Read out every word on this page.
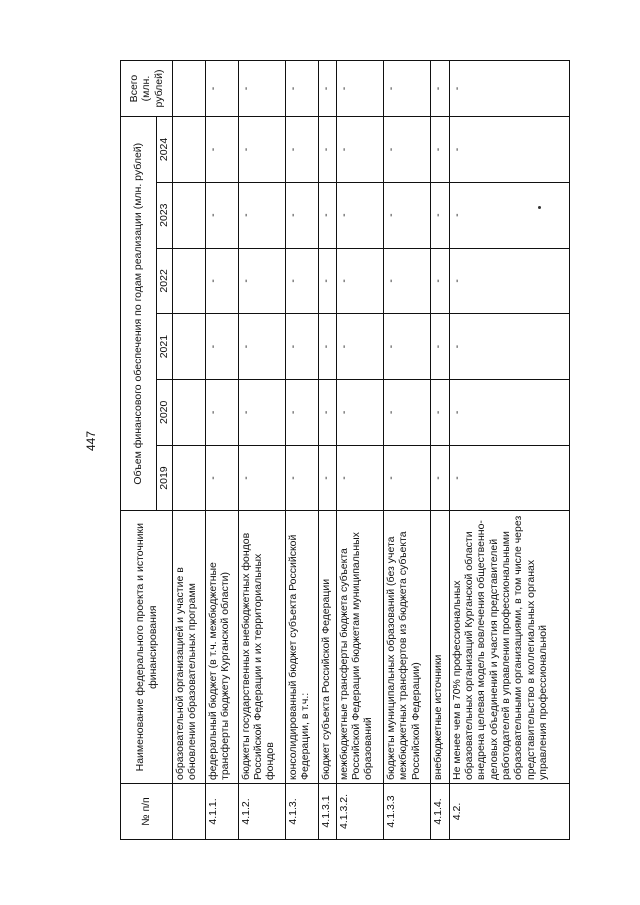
447
№ п/п	Наименование федерального проекта и источники финансирования	Объем финансового обеспечения по годам реализации (млн. рублей)						Всего (млн. рублей)
		2019	2020	2021	2022	2023	2024	
	образовательной организацией и участие в обновлении образовательных программ							
4.1.1.	федеральный бюджет (в т.ч. межбюджетные трансферты бюджету Курганской области)	-	-	-	-	-	-	-
4.1.2.	бюджеты государственных внебюджетных фондов Российской Федерации и их территориальных фондов	-	-	-	-	-	-	-
4.1.3.	консолидированный бюджет субъекта Российской Федерации, в т.ч.:	-	-	-	-	-	-	-
4.1.3.1	бюджет субъекта Российской Федерации	-	-	-	-	-	-	-
4.1.3.2.	межбюджетные трансферты бюджета субъекта Российской Федерации бюджетам муниципальных образований	-	-	-	-	-	-	-
4.1.3.3	бюджеты муниципальных образований (без учета межбюджетных трансфертов из бюджета субъекта Российской Федерации)	-	-	-	-	-	-	-
4.1.4.	внебюджетные источники	-	-	-	-	-	-	-
4.2.	Не менее чем в 70% профессиональных образовательных организаций Курганской области внедрена целевая модель вовлечения общественно-деловых объединений и участия представителей работодателей в управлении профессиональными образовательными организациями, в том числе через представительство в коллегиальных органах управления профессиональной	-	-	-	-	-	-	-
